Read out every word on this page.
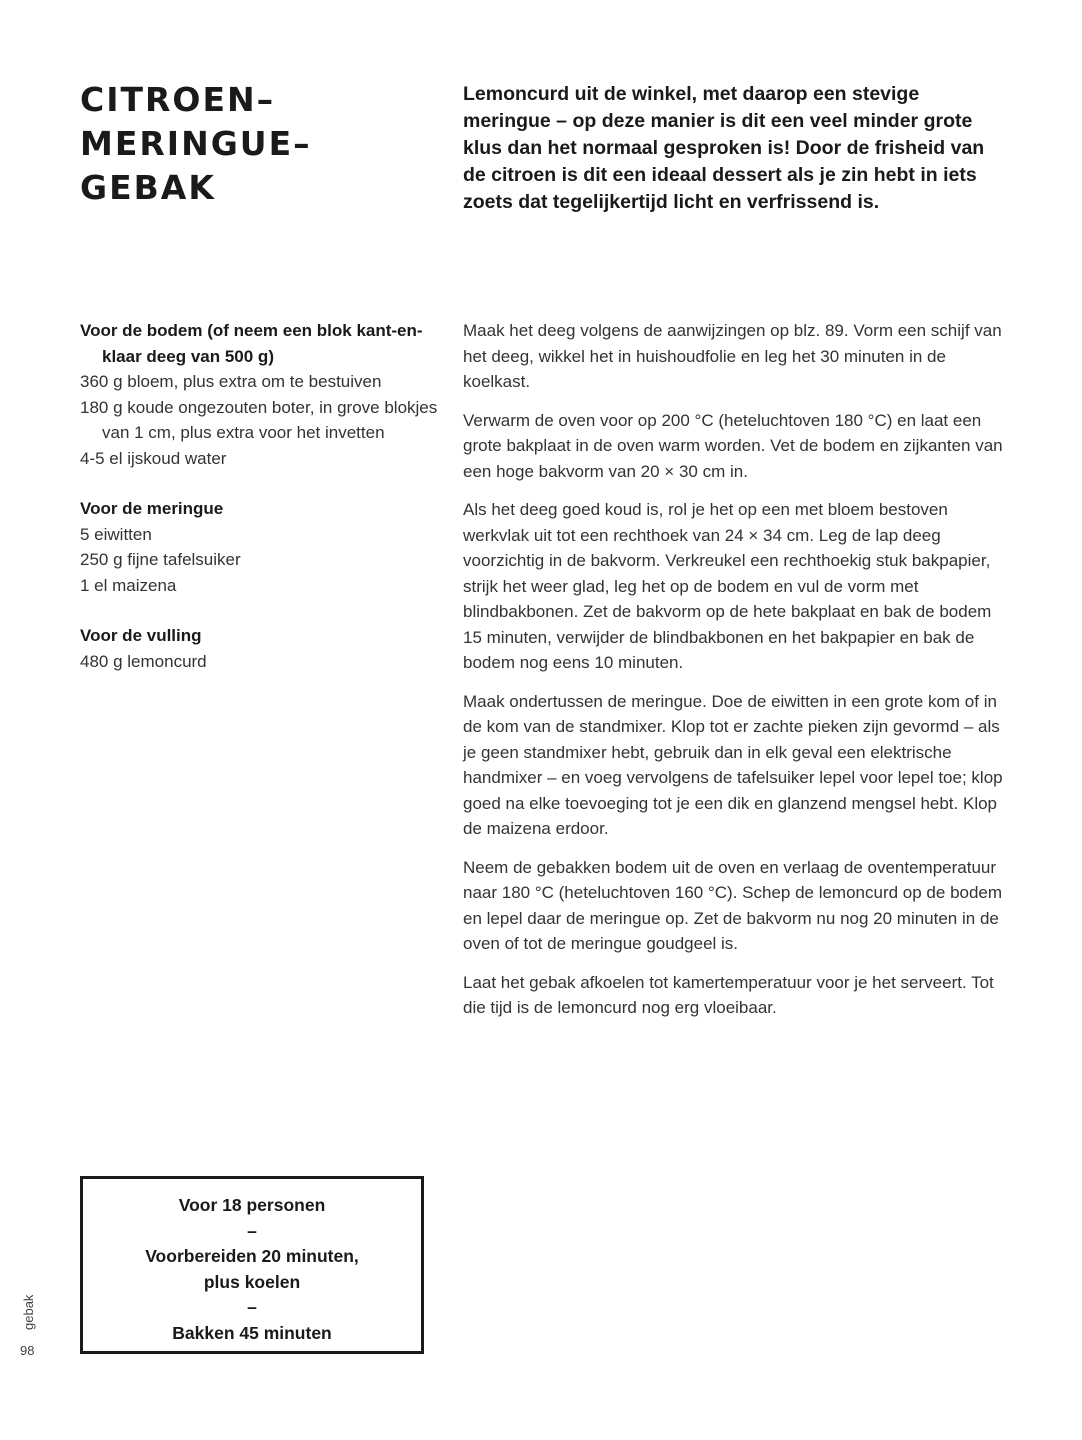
CITROEN–
MERINGUE–
GEBAK

Lemoncurd uit de winkel, met daarop een stevige meringue – op deze manier is dit een veel minder grote klus dan het normaal gesproken is! Door de frisheid van de citroen is dit een ideaal dessert als je zin hebt in iets zoets dat tegelijkertijd licht en verfrissend is.

Voor de bodem (of neem een blok kant-en-klaar deeg van 500 g)
360 g bloem, plus extra om te bestuiven
180 g koude ongezouten boter, in grove blokjes van 1 cm, plus extra voor het invetten
4-5 el ijskoud water
Voor de meringue
5 eiwitten
250 g fijne tafelsuiker
1 el maizena
Voor de vulling
480 g lemoncurd

Maak het deeg volgens de aanwijzingen op blz. 89. Vorm een schijf van het deeg, wikkel het in huishoudfolie en leg het 30 minuten in de koelkast.

Verwarm de oven voor op 200 °C (heteluchtoven 180 °C) en laat een grote bakplaat in de oven warm worden. Vet de bodem en zijkanten van een hoge bakvorm van 20 × 30 cm in.

Als het deeg goed koud is, rol je het op een met bloem bestoven werkvlak uit tot een rechthoek van 24 × 34 cm. Leg de lap deeg voorzichtig in de bakvorm. Verkreukel een rechthoekig stuk bakpapier, strijk het weer glad, leg het op de bodem en vul de vorm met blindbakbonen. Zet de bakvorm op de hete bakplaat en bak de bodem 15 minuten, verwijder de blindbakbonen en het bakpapier en bak de bodem nog eens 10 minuten.

Maak ondertussen de meringue. Doe de eiwitten in een grote kom of in de kom van de standmixer. Klop tot er zachte pieken zijn gevormd – als je geen standmixer hebt, gebruik dan in elk geval een elektrische handmixer – en voeg vervolgens de tafelsuiker lepel voor lepel toe; klop goed na elke toevoeging tot je een dik en glanzend mengsel hebt. Klop de maizena erdoor.

Neem de gebakken bodem uit de oven en verlaag de oventemperatuur naar 180 °C (heteluchtoven 160 °C). Schep de lemoncurd op de bodem en lepel daar de meringue op. Zet de bakvorm nu nog 20 minuten in de oven of tot de meringue goudgeel is.

Laat het gebak afkoelen tot kamertemperatuur voor je het serveert. Tot die tijd is de lemoncurd nog erg vloeibaar.

Voor 18 personen
–
Voorbereiden 20 minuten,
plus koelen
–
Bakken 45 minuten
gebak
98
